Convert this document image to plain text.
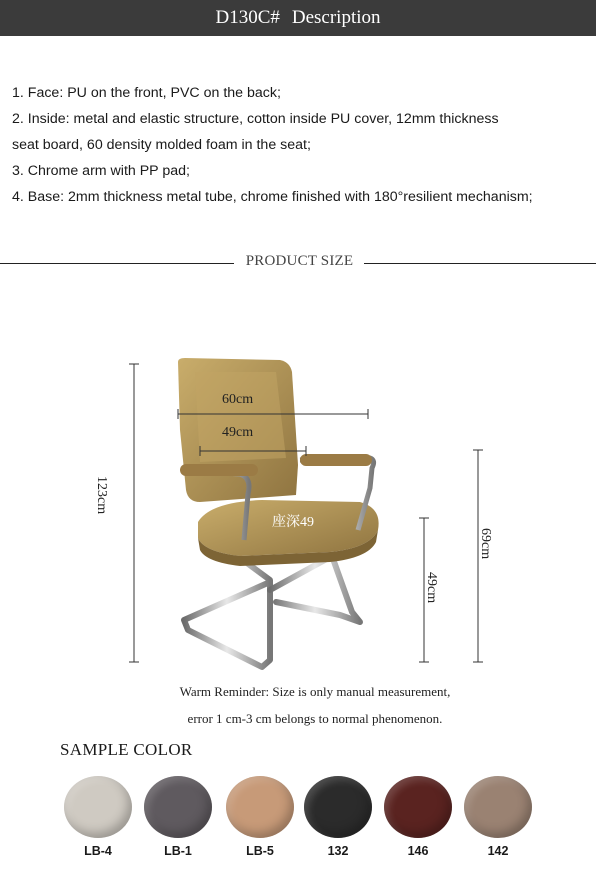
D130C# Description
1. Face: PU on the front, PVC on the back;
2. Inside: metal and elastic structure, cotton inside PU cover, 12mm thickness
seat board, 60 density molded foam in the seat;
3. Chrome arm with PP pad;
4. Base: 2mm thickness metal tube, chrome finished with 180°resilient mechanism;
PRODUCT SIZE
60cm
49cm
123cm
座深49
69cm
49cm
Warm Reminder: Size is only manual measurement,
error 1 cm-3 cm belongs to normal phenomenon.
SAMPLE COLOR
LB-4	LB-1	LB-5	132	146	142
